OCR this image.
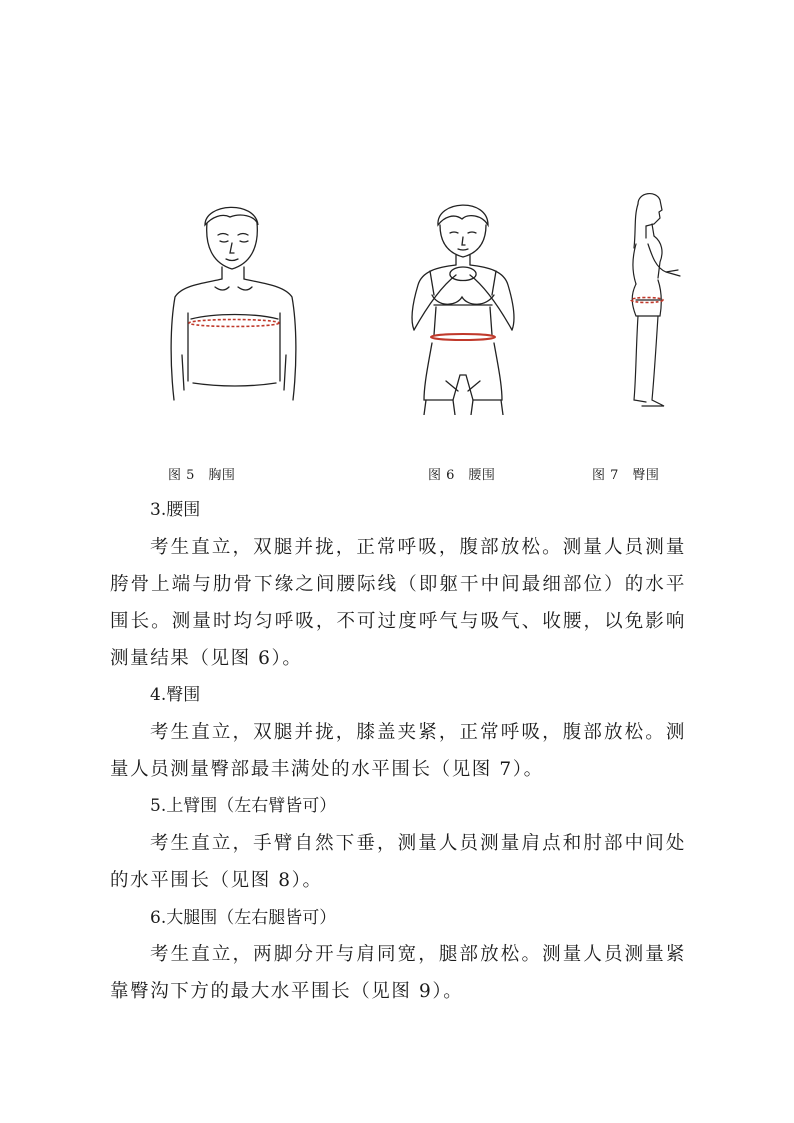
图 5　胸围	图 6　腰围	图 7　臀围
3.腰围
考生直立，双腿并拢，正常呼吸，腹部放松。测量人员测量胯骨上端与肋骨下缘之间腰际线（即躯干中间最细部位）的水平围长。测量时均匀呼吸，不可过度呼气与吸气、收腰，以免影响测量结果（见图 6）。
4.臀围
考生直立，双腿并拢，膝盖夹紧，正常呼吸，腹部放松。测量人员测量臀部最丰满处的水平围长（见图 7）。
5.上臂围（左右臂皆可）
考生直立，手臂自然下垂，测量人员测量肩点和肘部中间处的水平围长（见图 8）。
6.大腿围（左右腿皆可）
考生直立，两脚分开与肩同宽，腿部放松。测量人员测量紧靠臀沟下方的最大水平围长（见图 9）。
